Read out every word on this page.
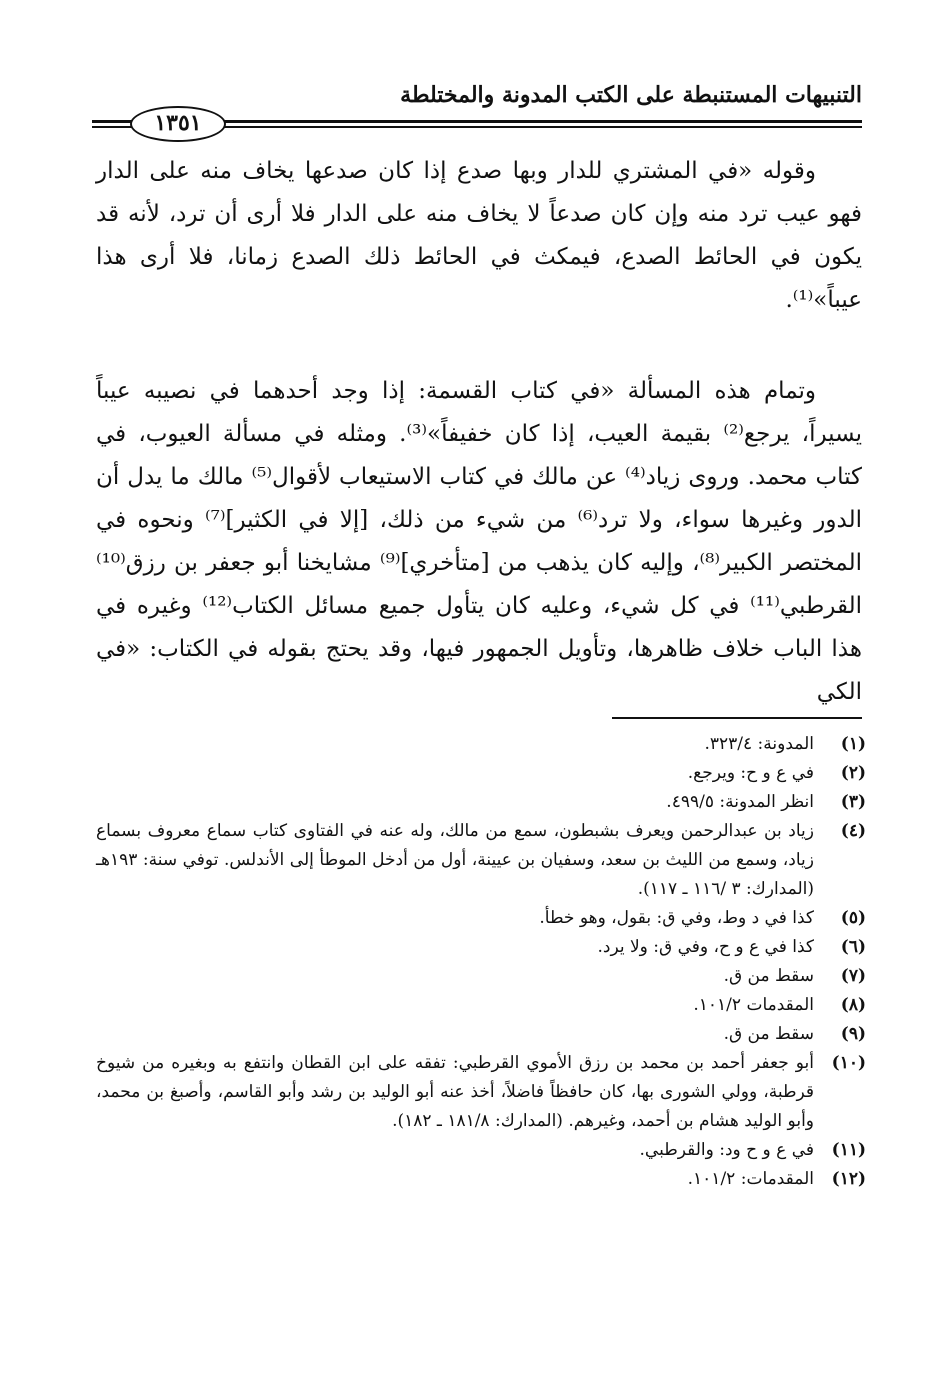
التنبيهات المستنبطة على الكتب المدونة والمختلطة
١٣٥١

وقوله «في المشتري للدار وبها صدع إذا كان صدعها يخاف منه على الدار فهو عيب ترد منه وإن كان صدعاً لا يخاف منه على الدار فلا أرى أن ترد، لأنه قد يكون في الحائط الصدع، فيمكث في الحائط ذلك الصدع زمانا، فلا أرى هذا عيباً»⁽¹⁾.

وتمام هذه المسألة «في كتاب القسمة: إذا وجد أحدهما في نصيبه عيباً يسيراً، يرجع⁽²⁾ بقيمة العيب، إذا كان خفيفاً»⁽³⁾. ومثله في مسألة العيوب، في كتاب محمد. وروى زياد⁽⁴⁾ عن مالك في كتاب الاستيعاب لأقوال⁽⁵⁾ مالك ما يدل أن الدور وغيرها سواء، ولا ترد⁽⁶⁾ من شيء من ذلك، [إلا في الكثير]⁽⁷⁾ ونحوه في المختصر الكبير⁽⁸⁾، وإليه كان يذهب من [متأخري]⁽⁹⁾ مشايخنا أبو جعفر بن رزق⁽¹⁰⁾ القرطبي⁽¹¹⁾ في كل شيء، وعليه كان يتأول جميع مسائل الكتاب⁽¹²⁾ وغيره في هذا الباب خلاف ظاهرها، وتأويل الجمهور فيها، وقد يحتج بقوله في الكتاب: «في الكي

(١)
المدونة: ٣٢٣/٤.
(٢)
في ع و ح: ويرجع.
(٣)
انظر المدونة: ٤٩٩/٥.
(٤)
زياد بن عبدالرحمن ويعرف بشبطون، سمع من مالك، وله عنه في الفتاوى كتاب سماع معروف بسماع زياد، وسمع من الليث بن سعد، وسفيان بن عيينة، أول من أدخل الموطأ إلى الأندلس. توفي سنة: ١٩٣هـ (المدارك: ٣ /١١٦ ـ ١١٧).
(٥)
كذا في د وط، وفي ق: بقول، وهو خطأ.
(٦)
كذا في ع و ح، وفي ق: ولا يرد.
(٧)
سقط من ق.
(٨)
المقدمات ١٠١/٢.
(٩)
سقط من ق.
(١٠)
أبو جعفر أحمد بن محمد بن رزق الأموي القرطبي: تفقه على ابن القطان وانتفع به وبغيره من شيوخ قرطبة، وولي الشورى بها، كان حافظاً فاضلاً، أخذ عنه أبو الوليد بن رشد وأبو القاسم، وأصبغ بن محمد، وأبو الوليد هشام بن أحمد، وغيرهم. (المدارك: ١٨١/٨ ـ ١٨٢).
(١١)
في ع و ح ود: والقرطبي.
(١٢)
المقدمات: ١٠١/٢.
